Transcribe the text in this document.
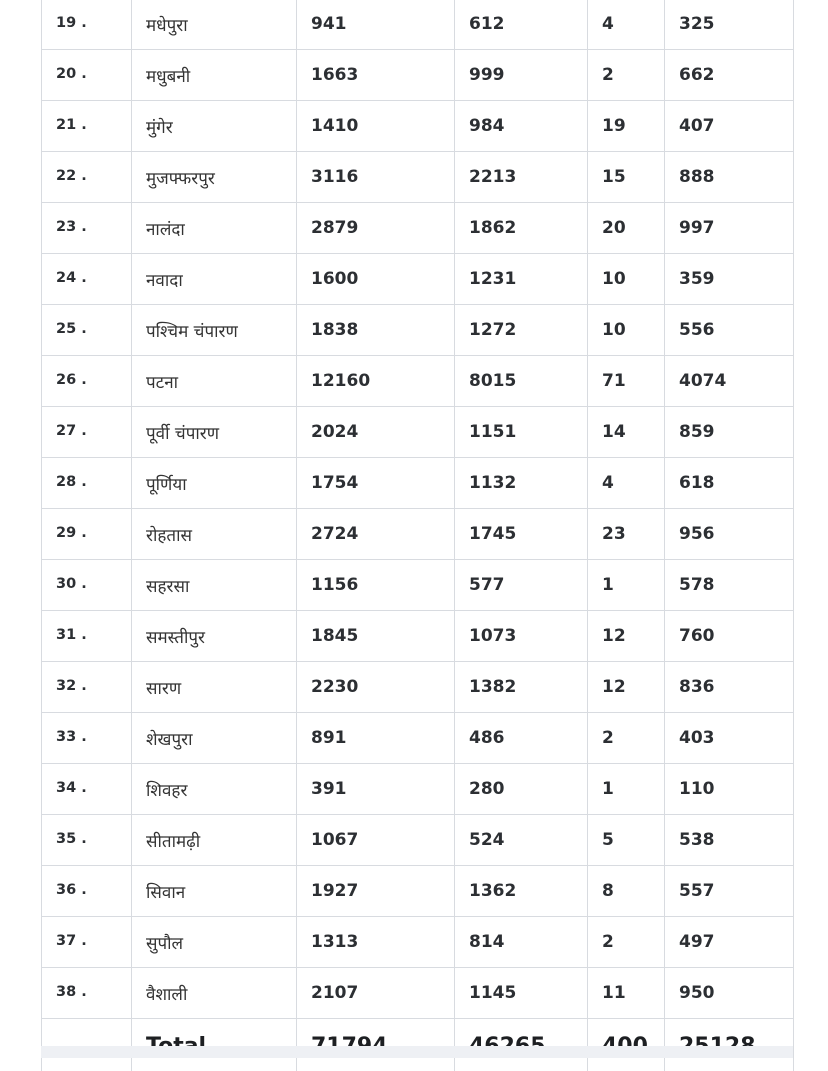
19 .	मधेपुरा	941	612	4	325
20 .	मधुबनी	1663	999	2	662
21 .	मुंगेर	1410	984	19	407
22 .	मुजफ्फरपुर	3116	2213	15	888
23 .	नालंदा	2879	1862	20	997
24 .	नवादा	1600	1231	10	359
25 .	पश्चिम चंपारण	1838	1272	10	556
26 .	पटना	12160	8015	71	4074
27 .	पूर्वी चंपारण	2024	1151	14	859
28 .	पूर्णिया	1754	1132	4	618
29 .	रोहतास	2724	1745	23	956
30 .	सहरसा	1156	577	1	578
31 .	समस्तीपुर	1845	1073	12	760
32 .	सारण	2230	1382	12	836
33 .	शेखपुरा	891	486	2	403
34 .	शिवहर	391	280	1	110
35 .	सीतामढ़ी	1067	524	5	538
36 .	सिवान	1927	1362	8	557
37 .	सुपौल	1313	814	2	497
38 .	वैशाली	2107	1145	11	950
